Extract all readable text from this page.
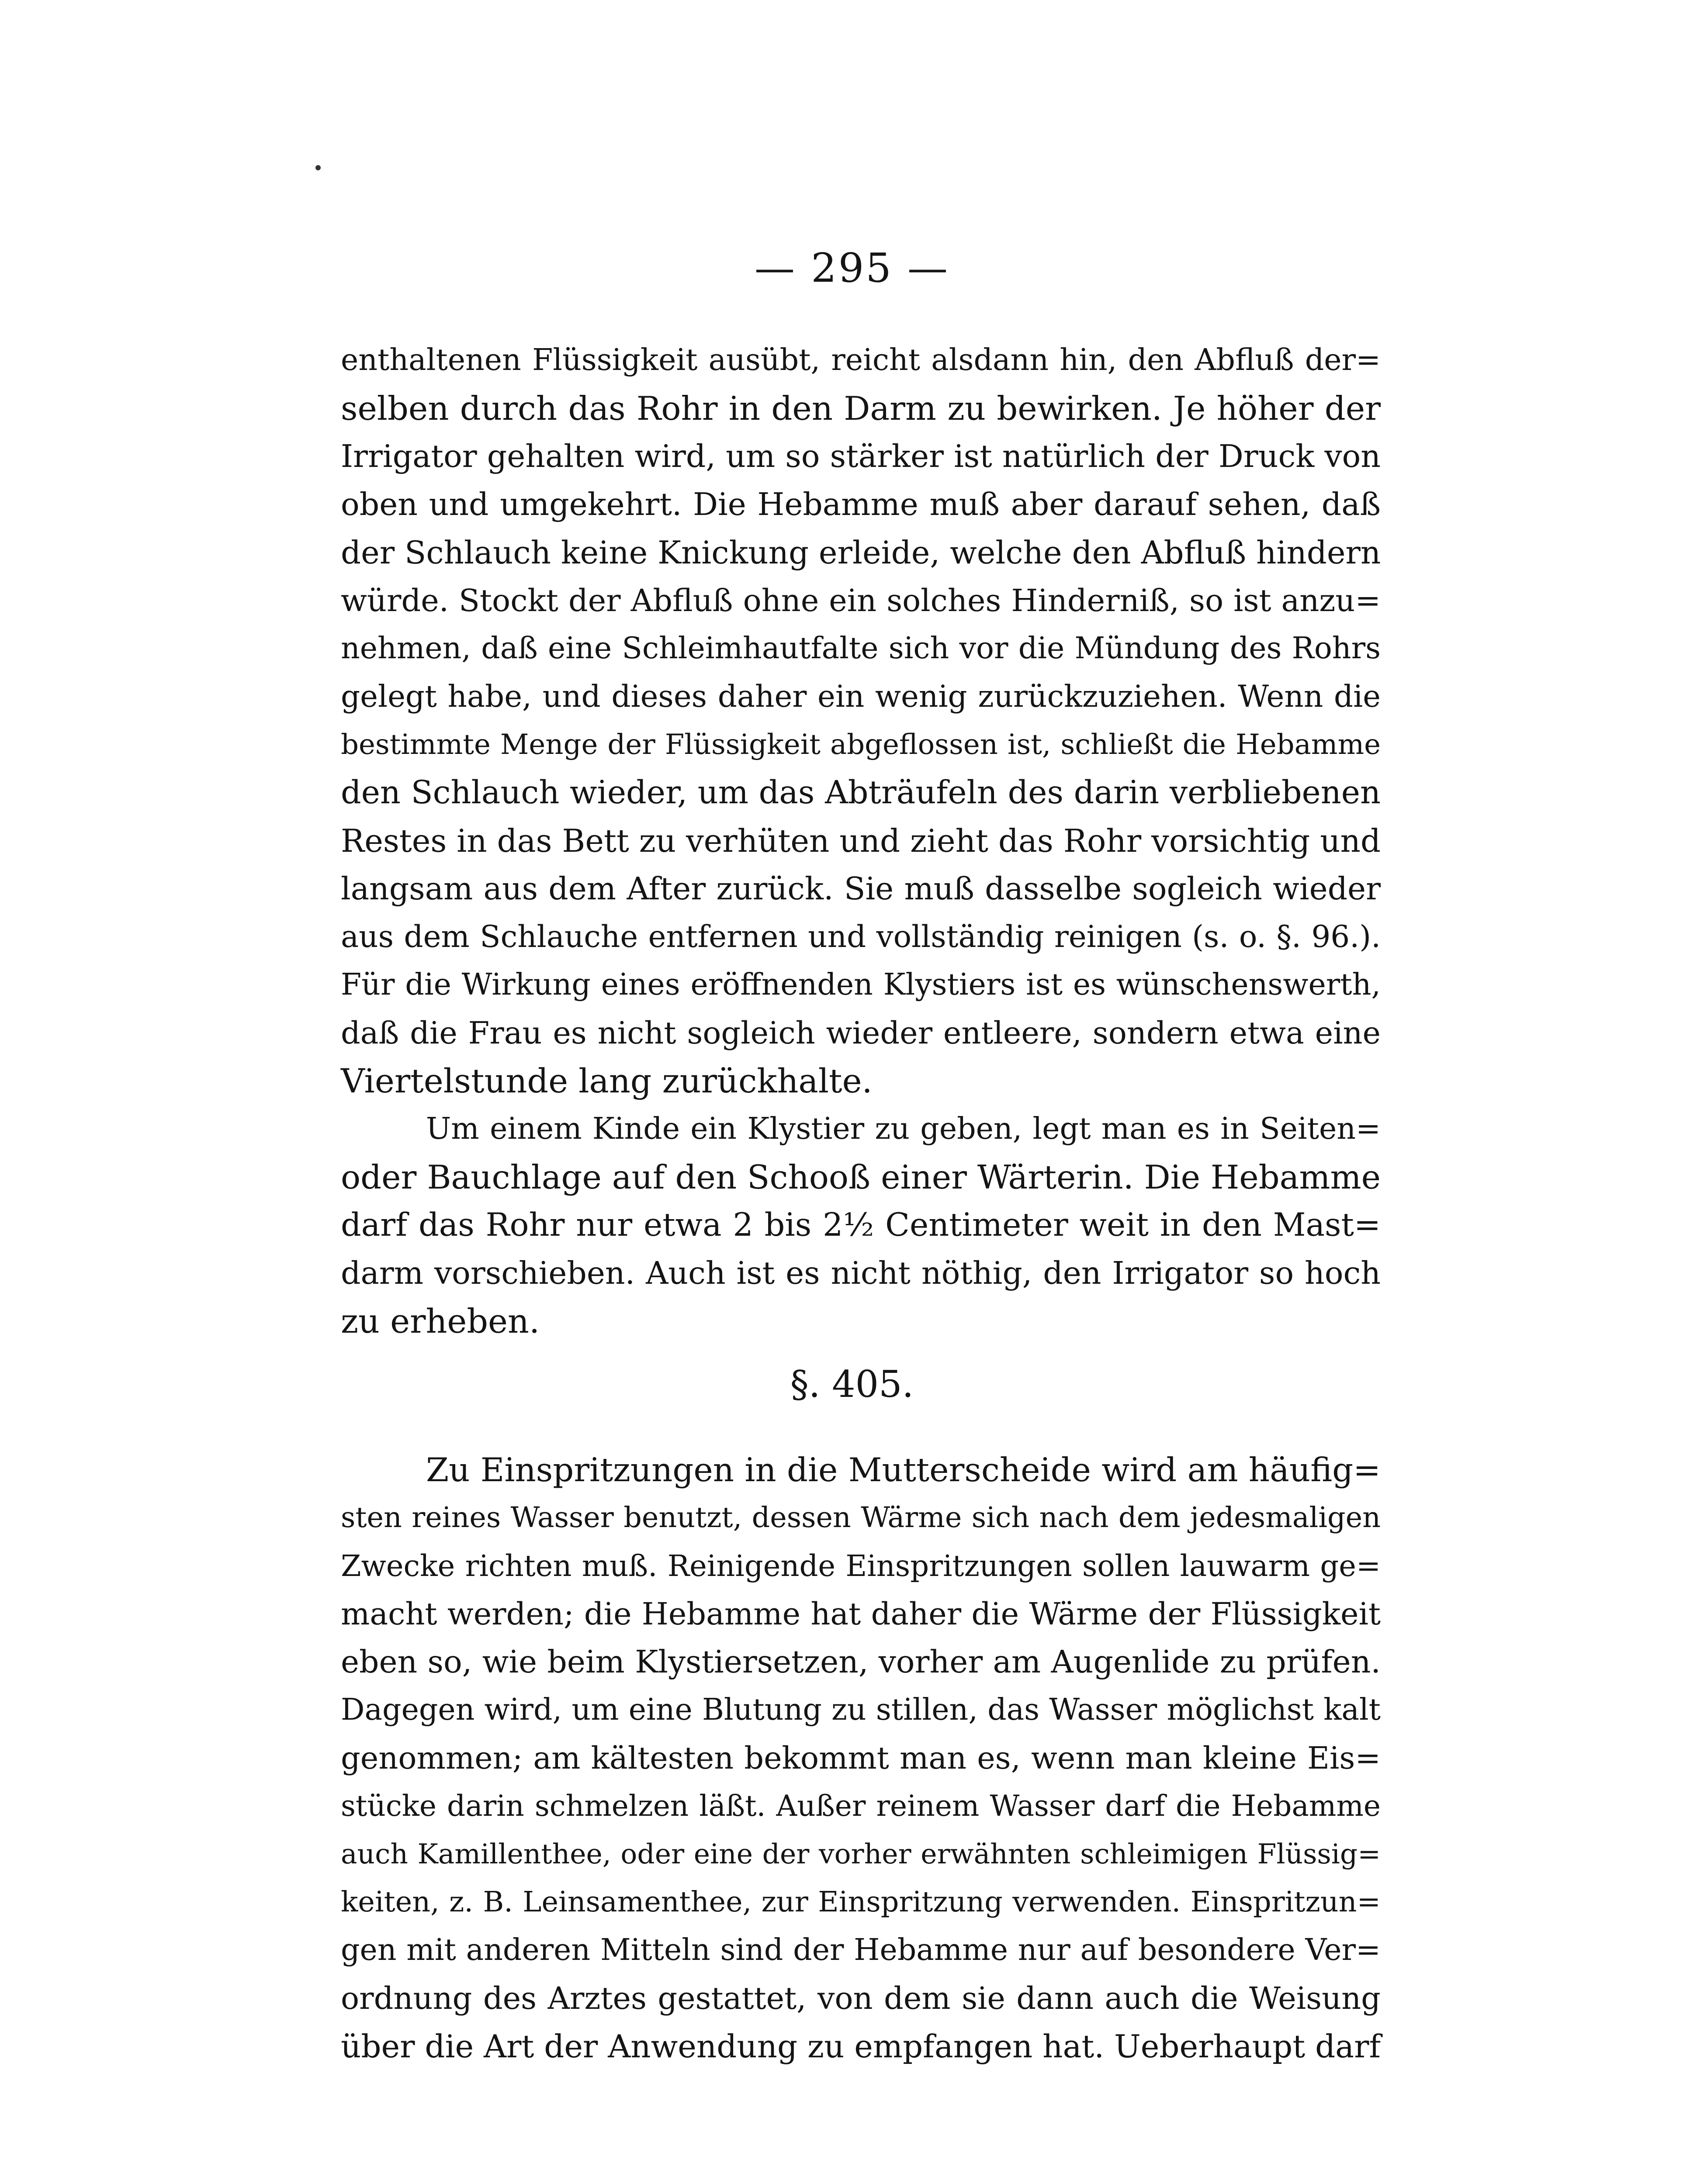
— 295 —
enthaltenen Flüssigkeit ausübt, reicht alsdann hin, den Abfluß der=
selben durch das Rohr in den Darm zu bewirken. Je höher der
Irrigator gehalten wird, um so stärker ist natürlich der Druck von
oben und umgekehrt. Die Hebamme muß aber darauf sehen, daß
der Schlauch keine Knickung erleide, welche den Abfluß hindern
würde. Stockt der Abfluß ohne ein solches Hinderniß, so ist anzu=
nehmen, daß eine Schleimhautfalte sich vor die Mündung des Rohrs
gelegt habe, und dieses daher ein wenig zurückzuziehen. Wenn die
bestimmte Menge der Flüssigkeit abgeflossen ist, schließt die Hebamme
den Schlauch wieder, um das Abträufeln des darin verbliebenen
Restes in das Bett zu verhüten und zieht das Rohr vorsichtig und
langsam aus dem After zurück. Sie muß dasselbe sogleich wieder
aus dem Schlauche entfernen und vollständig reinigen (s. o. §. 96.).
Für die Wirkung eines eröffnenden Klystiers ist es wünschenswerth,
daß die Frau es nicht sogleich wieder entleere, sondern etwa eine
Viertelstunde lang zurückhalte.
Um einem Kinde ein Klystier zu geben, legt man es in Seiten=
oder Bauchlage auf den Schooß einer Wärterin. Die Hebamme
darf das Rohr nur etwa 2 bis 2½ Centimeter weit in den Mast=
darm vorschieben. Auch ist es nicht nöthig, den Irrigator so hoch
zu erheben.
§. 405.
Zu Einspritzungen in die Mutterscheide wird am häufig=
sten reines Wasser benutzt, dessen Wärme sich nach dem jedesmaligen
Zwecke richten muß. Reinigende Einspritzungen sollen lauwarm ge=
macht werden; die Hebamme hat daher die Wärme der Flüssigkeit
eben so, wie beim Klystiersetzen, vorher am Augenlide zu prüfen.
Dagegen wird, um eine Blutung zu stillen, das Wasser möglichst kalt
genommen; am kältesten bekommt man es, wenn man kleine Eis=
stücke darin schmelzen läßt. Außer reinem Wasser darf die Hebamme
auch Kamillenthee, oder eine der vorher erwähnten schleimigen Flüssig=
keiten, z. B. Leinsamenthee, zur Einspritzung verwenden. Einspritzun=
gen mit anderen Mitteln sind der Hebamme nur auf besondere Ver=
ordnung des Arztes gestattet, von dem sie dann auch die Weisung
über die Art der Anwendung zu empfangen hat. Ueberhaupt darf
